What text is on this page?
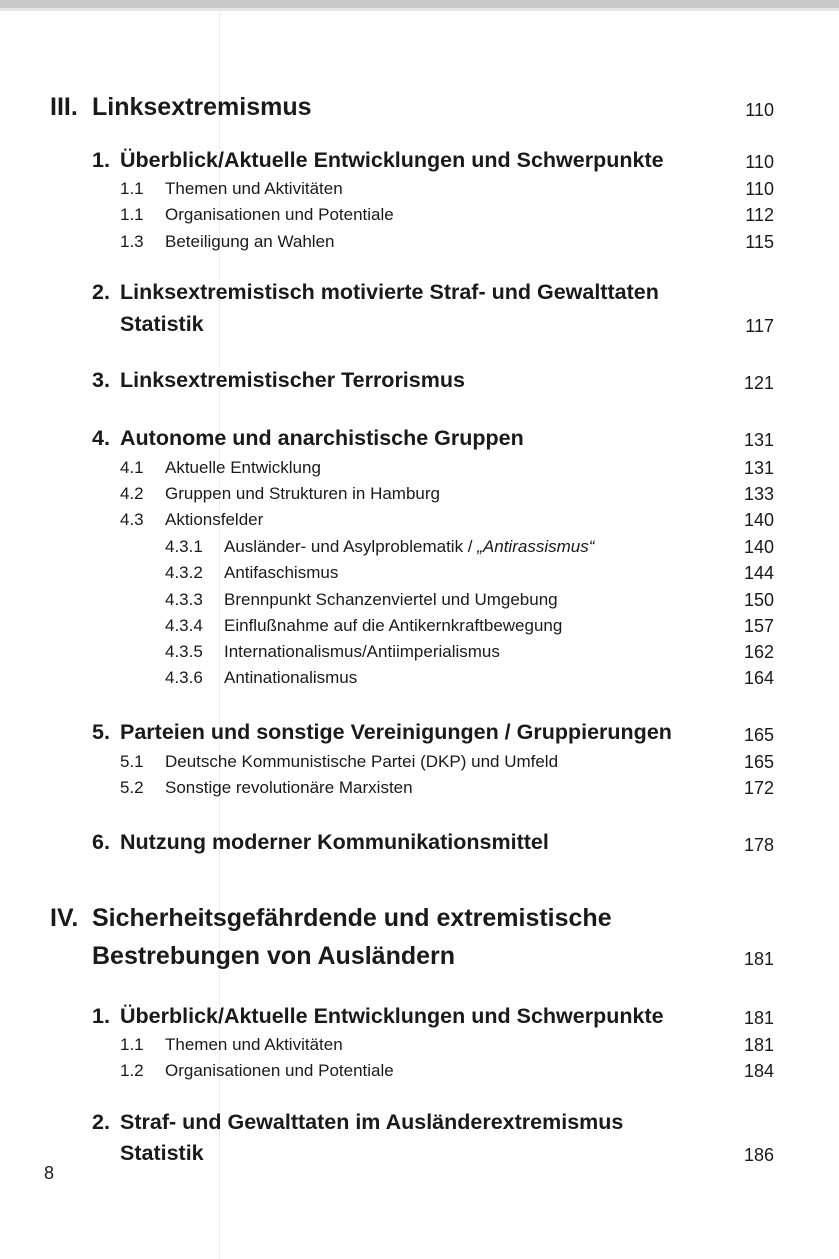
III. Linksextremismus	110
1. Überblick/Aktuelle Entwicklungen und Schwerpunkte	110
1.1 Themen und Aktivitäten	110
1.1 Organisationen und Potentiale	112
1.3 Beteiligung an Wahlen	115
2. Linksextremistisch motivierte Straf- und Gewalttaten
Statistik	117
3. Linksextremistischer Terrorismus	121
4. Autonome und anarchistische Gruppen	131
4.1 Aktuelle Entwicklung	131
4.2 Gruppen und Strukturen in Hamburg	133
4.3 Aktionsfelder	140
4.3.1 Ausländer- und Asylproblematik / „Antirassismus“	140
4.3.2 Antifaschismus	144
4.3.3 Brennpunkt Schanzenviertel und Umgebung	150
4.3.4 Einflußnahme auf die Antikernkraftbewegung	157
4.3.5 Internationalismus/Antiimperialismus	162
4.3.6 Antinationalismus	164
5. Parteien und sonstige Vereinigungen / Gruppierungen	165
5.1 Deutsche Kommunistische Partei (DKP) und Umfeld	165
5.2 Sonstige revolutionäre Marxisten	172
6. Nutzung moderner Kommunikationsmittel	178
IV. Sicherheitsgefährdende und extremistische
Bestrebungen von Ausländern	181
1. Überblick/Aktuelle Entwicklungen und Schwerpunkte	181
1.1 Themen und Aktivitäten	181
1.2 Organisationen und Potentiale	184
2. Straf- und Gewalttaten im Ausländerextremismus
Statistik	186
8
